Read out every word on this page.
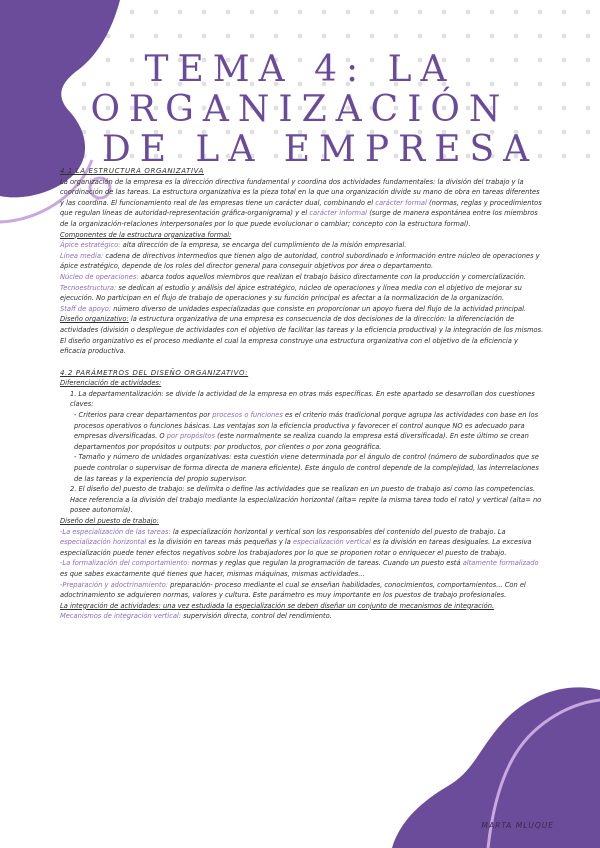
TEMA 4: LA ORGANIZACIÓN
DE LA EMPRESA

4.1 LA ESTRUCTURA ORGANIZATIVA

La organización de la empresa es la dirección directiva fundamental y coordina dos actividades fundamentales: la división del trabajo y la coordinación de las tareas. La estructura organizativa es la pieza total en la que una organización divide su mano de obra en tareas diferentes y las coordina. El funcionamiento real de las empresas tiene un carácter dual, combinando el carácter formal (normas, reglas y procedimientos que regulan líneas de autoridad-representación gráfica-organigrama) y el carácter informal (surge de manera espontánea entre los miembros de la organización-relaciones interpersonales por lo que puede evolucionar o cambiar; concepto con la estructura formal).

Componentes de la estructura organizativa formal:

Ápice estratégico: alta dirección de la empresa, se encarga del cumplimiento de la misión empresarial.

Línea media: cadena de directivos intermedios que tienen algo de autoridad, control subordinado e información entre núcleo de operaciones y ápice estratégico, depende de los roles del director general para conseguir objetivos por área o departamento.

Núcleo de operaciones: abarca todos aquellos miembros que realizan el trabajo básico directamente con la producción y comercialización.

Tecnoestructura: se dedican al estudio y análisis del ápice estratégico, núcleo de operaciones y línea media con el objetivo de mejorar su ejecución. No participan en el flujo de trabajo de operaciones y su función principal es afectar a la normalización de la organización.

Staff de apoyo: número diverso de unidades especializadas que consiste en proporcionar un apoyo fuera del flujo de la actividad principal.

Diseño organizativo: la estructura organizativa de una empresa es consecuencia de dos decisiones de la dirección: la diferenciación de actividades (división o despliegue de actividades con el objetivo de facilitar las tareas y la eficiencia productiva) y la integración de los mismos. El diseño organizativo es el proceso mediante el cual la empresa construye una estructura organizativa con el objetivo de la eficiencia y eficacia productiva.

4.2 PARÁMETROS DEL DISEÑO ORGANIZATIVO:

Diferenciación de actividades:

1. La departamentalización: se divide la actividad de la empresa en otras más específicas. En este apartado se desarrollan dos cuestiones claves:

- Criterios para crear departamentos por procesos o funciones es el criterio más tradicional porque agrupa las actividades con base en los procesos operativos o funciones básicas. Las ventajas son la eficiencia productiva y favorecer el control aunque NO es adecuado para empresas diversificadas. O por propósitos (este normalmente se realiza cuando la empresa está diversificada). En este último se crean departamentos por propósitos u outputs: por productos, por clientes o por zona geográfica.

- Tamaño y número de unidades organizativas: esta cuestión viene determinada por el ángulo de control (número de subordinados que se puede controlar o supervisar de forma directa de manera eficiente). Este ángulo de control depende de la complejidad, las interrelaciones de las tareas y la experiencia del propio supervisor.

2. El diseño del puesto de trabajo: se delimita o define las actividades que se realizan en un puesto de trabajo así como las competencias. Hace referencia a la división del trabajo mediante la especialización horizontal (alta= repite la misma tarea todo el rato) y vertical (alta= no posee autonomía).

Diseño del puesto de trabajo:

-La especialización de las tareas: la especialización horizontal y vertical son los responsables del contenido del puesto de trabajo. La especialización horizontal es la división en tareas más pequeñas y la especialización vertical es la división en tareas desiguales. La excesiva especialización puede tener efectos negativos sobre los trabajadores por lo que se proponen rotar o enriquecer el puesto de trabajo.

-La formalización del comportamiento: normas y reglas que regulan la programación de tareas. Cuando un puesto está altamente formalizado es que sabes exactamente qué tienes que hacer, mismas máquinas, mismas actividades...

-Preparación y adoctrinamiento: preparación- proceso mediante el cual se enseñan habilidades, conocimientos, comportamientos... Con el adoctrinamiento se adquieren normas, valores y cultura. Este parámetro es muy importante en los puestos de trabajo profesionales.

La integración de actividades: una vez estudiada la especialización se deben diseñar un conjunto de mecanismos de integración.

Mecanismos de integración vertical: supervisión directa, control del rendimiento.

MARTA MLUQUE
